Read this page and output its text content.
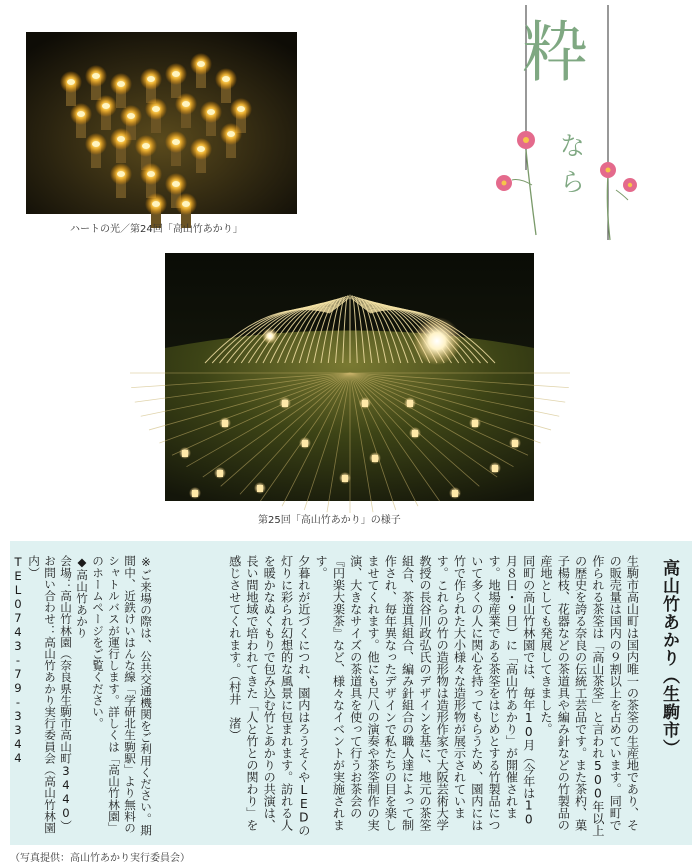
ハートの光／第24回「高山竹あかり」
第25回「高山竹あかり」の様子
粋
なら
高山竹あかり（生駒市）

生駒市高山町は国内唯一の茶筌の生産地であり、その販売量は国内の９割以上を占めています。同町で作られる茶筌は「高山茶筌」と言われ500年以上の歴史を誇る奈良の伝統工芸品です。また茶杓、菓子楊枝、花器などの茶道具や編み針などの竹製品の産地としても発展してきました。

同町の高山竹林園では、毎年10月（今年は10月８日・９日）に「高山竹あかり」が開催されます。地場産業である茶筌をはじめとする竹製品について多くの人に関心を持ってもらうため、園内には竹で作られた大小様々な造形物が展示されています。これらの竹の造形物は造形作家で大阪芸術大学教授の長谷川政弘氏のデザインを基に、地元の茶筌組合、茶道具組合、編み針組合の職人達によって制作され、毎年異なったデザインで私たちの目を楽しませてくれます。他にも尺八の演奏や茶筌制作の実演、大きなサイズの茶道具を使って行うお茶会の『円楽大楽茶』など、様々なイベントが実施されます。

夕暮れが近づくにつれ、園内はろうそくやLEDの灯りに彩られ幻想的な風景に包まれます。訪れる人を暖かなぬくもりで包み込む竹とあかりの共演は、長い間地域で培われてきた「人と竹との関わり」を感じさせてくれます。（村井　渚）

※ご来場の際は、公共交通機関をご利用ください。期間中、近鉄けいはんな線「学研北生駒駅」より無料のシャトルバスが運行します。詳しくは「高山竹林園」のホームページをご覧ください。

◆高山竹あかり

会場：高山竹林園（奈良県生駒市高山町3440）

お問い合わせ：高山竹あかり実行委員会（高山竹林園内）

TEL0743-79-3344

（写真提供：高山竹あかり実行委員会）
